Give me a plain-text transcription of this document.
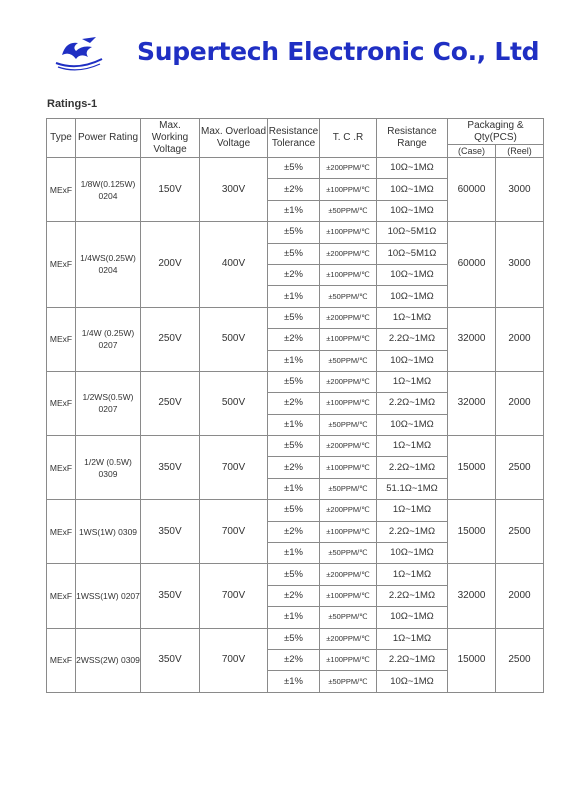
Supertech Electronic Co., Ltd
Ratings-1
Type	Power Rating	Max. Working Voltage	Max. Overload Voltage	Resistance Tolerance	T. C .R	Resistance Range	Packaging & Qty(PCS)	
							(Case)	(Reel)
MExF	1/8W(0.125W) 0204	150V	300V	±5%	±200PPM/℃	10Ω~1MΩ	60000	3000
				±2%	±100PPM/℃	10Ω~1MΩ		
				±1%	±50PPM/℃	10Ω~1MΩ		
MExF	1/4WS(0.25W) 0204	200V	400V	±5%	±100PPM/℃	10Ω~5M1Ω	60000	3000
				±5%	±200PPM/℃	10Ω~5M1Ω		
				±2%	±100PPM/℃	10Ω~1MΩ		
				±1%	±50PPM/℃	10Ω~1MΩ		
MExF	1/4W (0.25W) 0207	250V	500V	±5%	±200PPM/℃	1Ω~1MΩ	32000	2000
				±2%	±100PPM/℃	2.2Ω~1MΩ		
				±1%	±50PPM/℃	10Ω~1MΩ		
MExF	1/2WS(0.5W) 0207	250V	500V	±5%	±200PPM/℃	1Ω~1MΩ	32000	2000
				±2%	±100PPM/℃	2.2Ω~1MΩ		
				±1%	±50PPM/℃	10Ω~1MΩ		
MExF	1/2W (0.5W) 0309	350V	700V	±5%	±200PPM/℃	1Ω~1MΩ	15000	2500
				±2%	±100PPM/℃	2.2Ω~1MΩ		
				±1%	±50PPM/℃	51.1Ω~1MΩ		
MExF	1WS(1W) 0309	350V	700V	±5%	±200PPM/℃	1Ω~1MΩ	15000	2500
				±2%	±100PPM/℃	2.2Ω~1MΩ		
				±1%	±50PPM/℃	10Ω~1MΩ		
MExF	1WSS(1W) 0207	350V	700V	±5%	±200PPM/℃	1Ω~1MΩ	32000	2000
				±2%	±100PPM/℃	2.2Ω~1MΩ		
				±1%	±50PPM/℃	10Ω~1MΩ		
MExF	2WSS(2W) 0309	350V	700V	±5%	±200PPM/℃	1Ω~1MΩ	15000	2500
				±2%	±100PPM/℃	2.2Ω~1MΩ		
				±1%	±50PPM/℃	10Ω~1MΩ		
